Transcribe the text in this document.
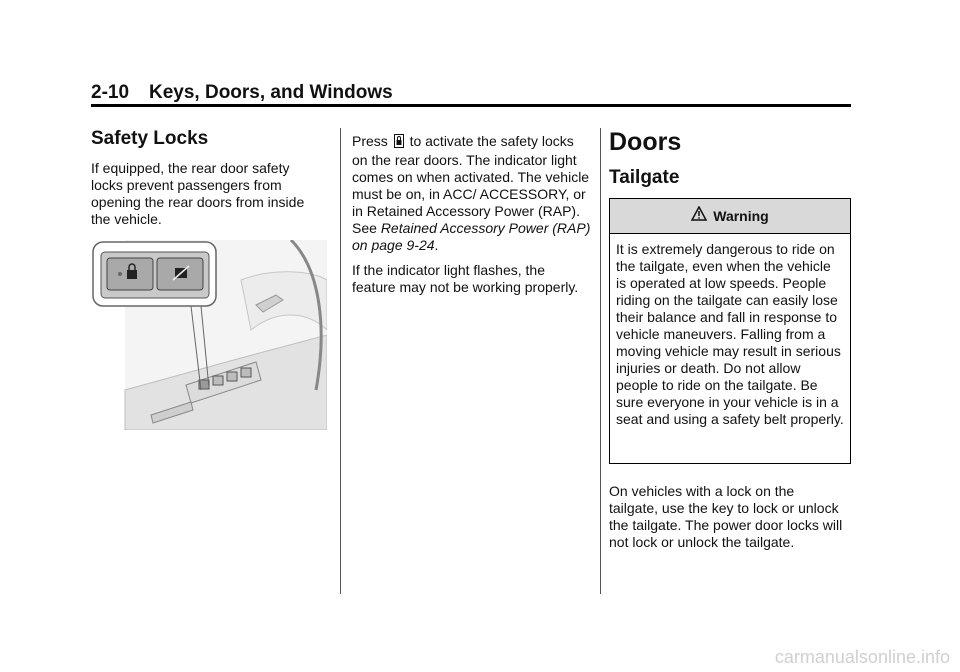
2-10 Keys, Doors, and Windows
Safety Locks

If equipped, the rear door safety locks prevent passengers from opening the rear doors from inside the vehicle.

Press to activate the safety locks on the rear doors. The indicator light comes on when activated. The vehicle must be on, in ACC/ ACCESSORY, or in Retained Accessory Power (RAP). See Retained Accessory Power (RAP) on page 9-24.

If the indicator light flashes, the feature may not be working properly.

Doors
Tailgate
Warning
It is extremely dangerous to ride on the tailgate, even when the vehicle is operated at low speeds. People riding on the tailgate can easily lose their balance and fall in response to vehicle maneuvers. Falling from a moving vehicle may result in serious injuries or death. Do not allow people to ride on the tailgate. Be sure everyone in your vehicle is in a seat and using a safety belt properly.

On vehicles with a lock on the tailgate, use the key to lock or unlock the tailgate. The power door locks will not lock or unlock the tailgate.

carmanualsonline.info
